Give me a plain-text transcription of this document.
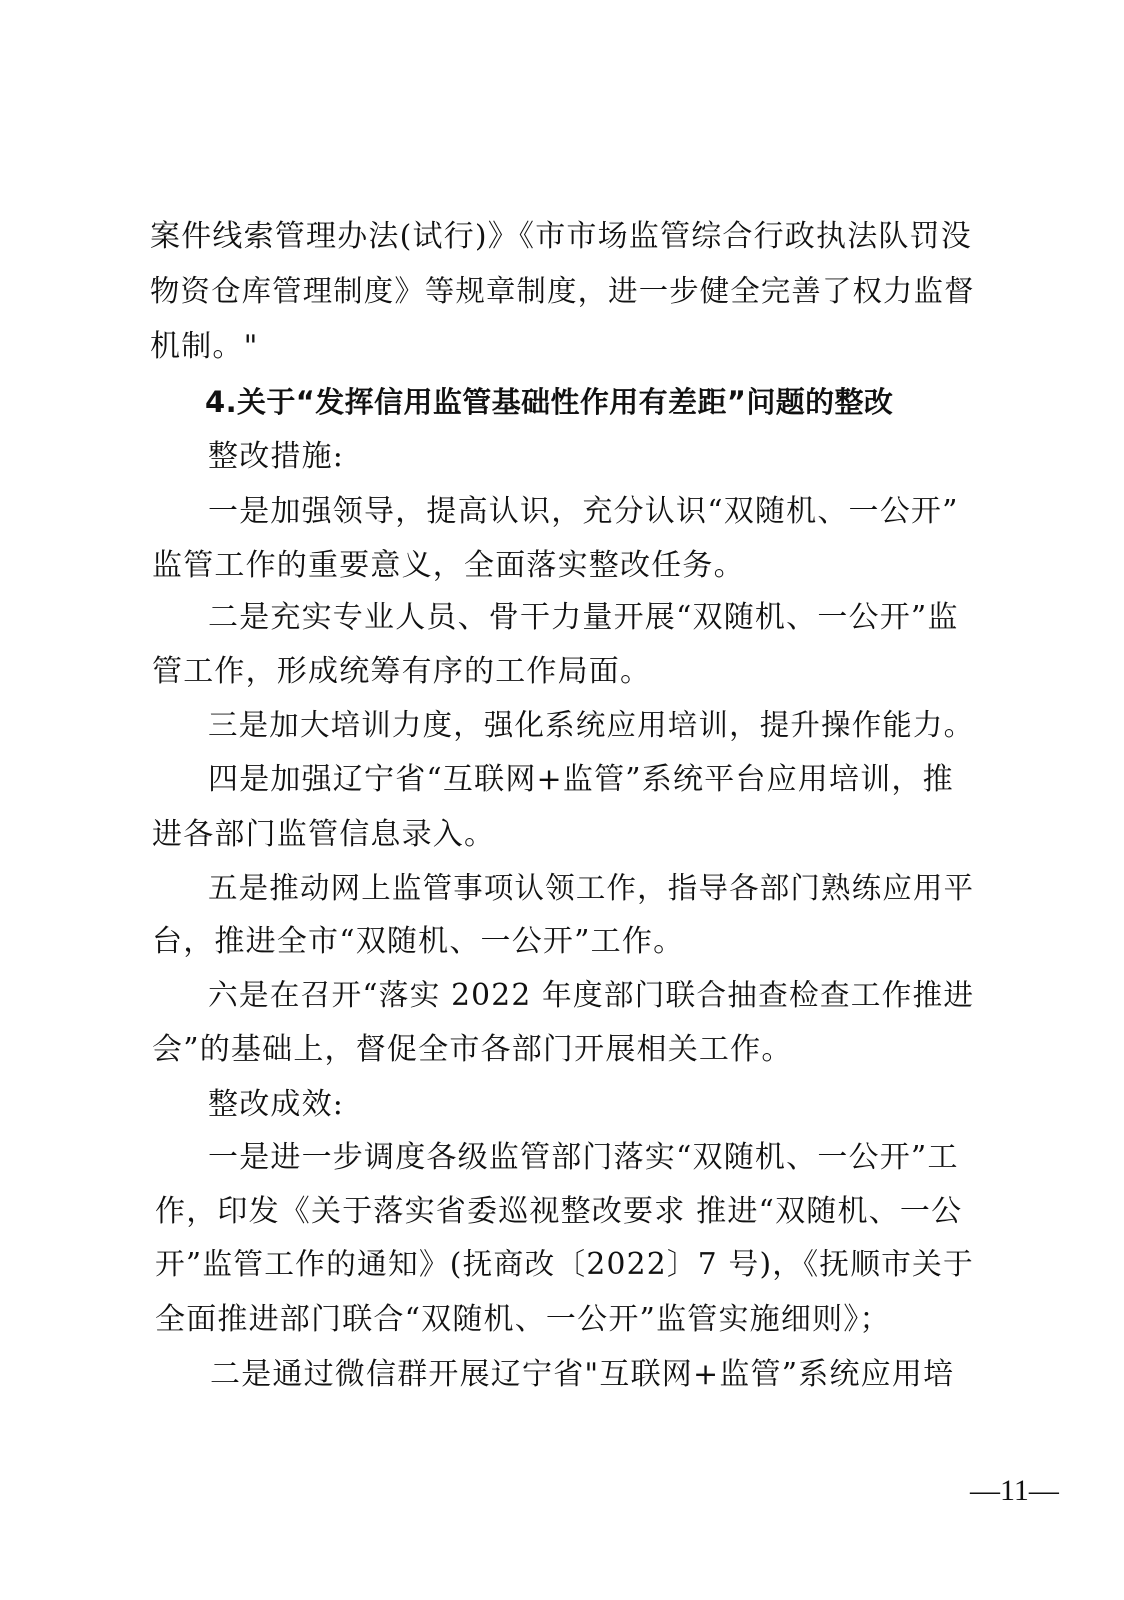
案件线索管理办法(试行)》《市市场监管综合行政执法队罚没
物资仓库管理制度》等规章制度，进一步健全完善了权力监督
机制。"
4.关于“发挥信用监管基础性作用有差距”问题的整改
整改措施:
一是加强领导，提高认识，充分认识“双随机、一公开”
监管工作的重要意义，全面落实整改任务。
二是充实专业人员、骨干力量开展“双随机、一公开”监
管工作，形成统筹有序的工作局面。
三是加大培训力度，强化系统应用培训，提升操作能力。
四是加强辽宁省“互联网+监管”系统平台应用培训，推
进各部门监管信息录入。
五是推动网上监管事项认领工作，指导各部门熟练应用平
台，推进全市“双随机、一公开”工作。
六是在召开“落实 2022 年度部门联合抽查检查工作推进
会”的基础上，督促全市各部门开展相关工作。
整改成效:
一是进一步调度各级监管部门落实“双随机、一公开”工
作，印发《关于落实省委巡视整改要求 推进“双随机、一公
开”监管工作的通知》(抚商改〔2022〕7 号)，《抚顺市关于
全面推进部门联合“双随机、一公开”监管实施细则》；
二是通过微信群开展辽宁省"互联网+监管”系统应用培
—11—
